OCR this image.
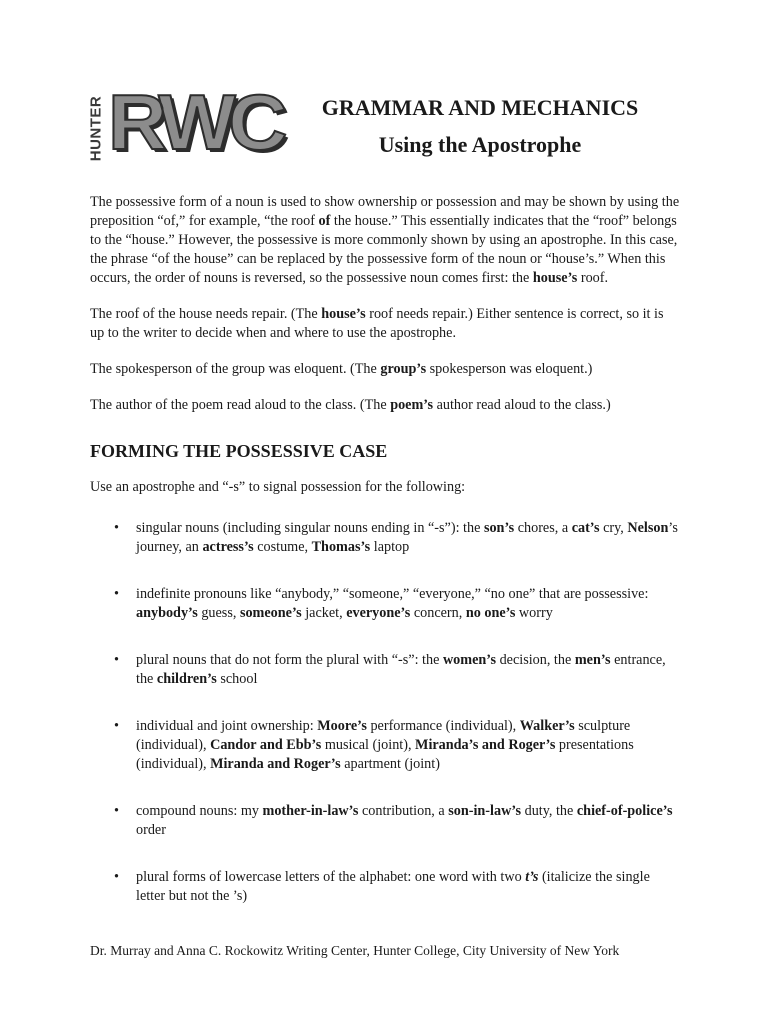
HUNTER RWC	GRAMMAR AND MECHANICS
Using the Apostrophe

The possessive form of a noun is used to show ownership or possession and may be shown by using the preposition “of,” for example, “the roof of the house.” This essentially indicates that the “roof” belongs to the “house.” However, the possessive is more commonly shown by using an apostrophe. In this case, the phrase “of the house” can be replaced by the possessive form of the noun or “house’s.” When this occurs, the order of nouns is reversed, so the possessive noun comes first: the house’s roof.

The roof of the house needs repair. (The house’s roof needs repair.) Either sentence is correct, so it is up to the writer to decide when and where to use the apostrophe.

The spokesperson of the group was eloquent. (The group’s spokesperson was eloquent.)

The author of the poem read aloud to the class. (The poem’s author read aloud to the class.)

FORMING THE POSSESSIVE CASE

Use an apostrophe and “-s” to signal possession for the following:

• singular nouns (including singular nouns ending in “-s”): the son’s chores, a cat’s cry, Nelson’s journey, an actress’s costume, Thomas’s laptop
• indefinite pronouns like “anybody,” “someone,” “everyone,” “no one” that are possessive: anybody’s guess, someone’s jacket, everyone’s concern, no one’s worry
• plural nouns that do not form the plural with “-s”: the women’s decision, the men’s entrance, the children’s school
• individual and joint ownership: Moore’s performance (individual), Walker’s sculpture (individual), Candor and Ebb’s musical (joint), Miranda’s and Roger’s presentations (individual), Miranda and Roger’s apartment (joint)
• compound nouns: my mother-in-law’s contribution, a son-in-law’s duty, the chief-of-police’s order
• plural forms of lowercase letters of the alphabet: one word with two t’s (italicize the single letter but not the ’s)
Dr. Murray and Anna C. Rockowitz Writing Center, Hunter College, City University of New York
